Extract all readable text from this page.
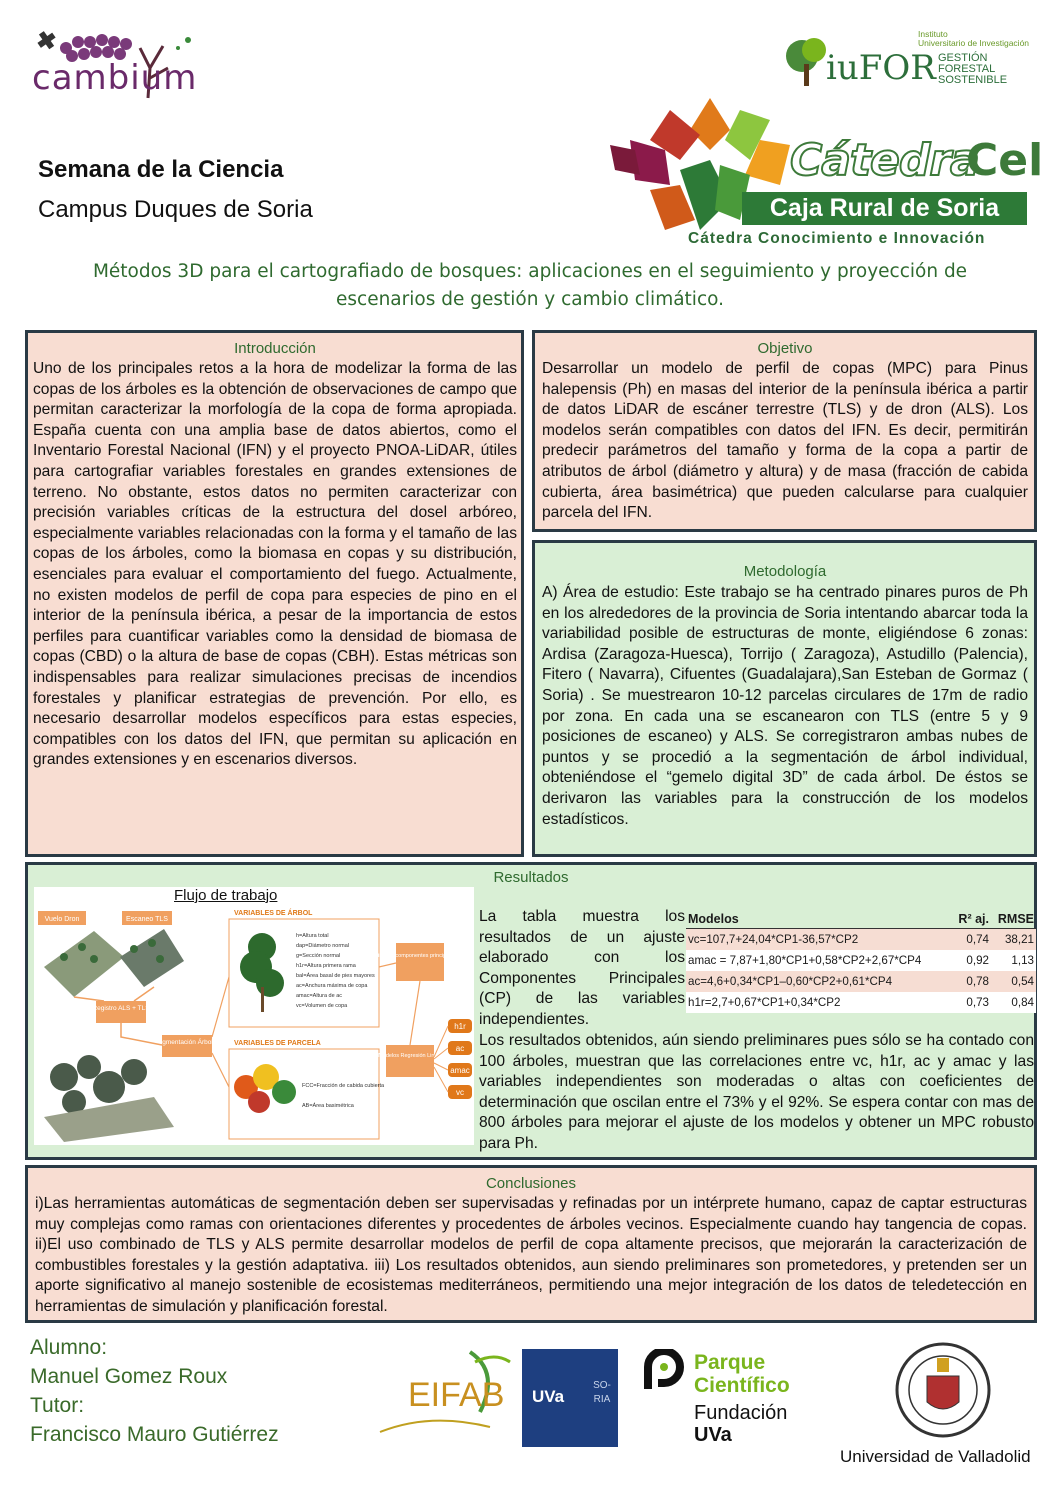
cambium	iuFOR
Instituto
Universitario de Investigación
GESTIÓN
FORESTAL
SOSTENIBLE
Semana de la Ciencia
Campus Duques de Soria
Cátedra
Cel
Caja Rural de Soria
Cátedra Conocimiento e Innovación
Métodos 3D para el cartografiado de bosques: aplicaciones en el seguimiento y proyección de escenarios de gestión y cambio climático.
Introducción
Uno de los principales retos a la hora de modelizar la forma de las copas de los árboles es la obtención de observaciones de campo que permitan caracterizar la morfología de la copa de forma apropiada. España cuenta con una amplia base de datos abiertos, como el Inventario Forestal Nacional (IFN) y el proyecto PNOA-LiDAR, útiles para cartografiar variables forestales en grandes extensiones de terreno. No obstante, estos datos no permiten caracterizar con precisión variables críticas de la estructura del dosel arbóreo, especialmente variables relacionadas con la forma y el tamaño de las copas de los árboles, como la biomasa en copas y su distribución, esenciales para evaluar el comportamiento del fuego. Actualmente, no existen modelos de perfil de copa para especies de pino en el interior de la península ibérica, a pesar de la importancia de estos perfiles para cuantificar variables como la densidad de biomasa de copas (CBD) o la altura de base de copas (CBH). Estas métricas son indispensables para realizar simulaciones precisas de incendios forestales y planificar estrategias de prevención. Por ello, es necesario desarrollar modelos específicos para estas especies, compatibles con los datos del IFN, que permitan su aplicación en grandes extensiones y en escenarios diversos.
Objetivo
Desarrollar un modelo de perfil de copas (MPC) para Pinus halepensis (Ph) en masas del interior de la península ibérica a partir de datos LiDAR de escáner terrestre (TLS) y de dron (ALS). Los modelos serán compatibles con datos del IFN. Es decir, permitirán predecir parámetros del tamaño y forma de la copa a partir de atributos de árbol (diámetro y altura) y de masa (fracción de cabida cubierta, área basimétrica) que pueden calcularse para cualquier parcela del IFN.
Metodología
A) Área de estudio: Este trabajo se ha centrado pinares puros de Ph en los alrededores de la provincia de Soria intentando abarcar toda la variabilidad posible de estructuras de monte, eligiéndose 6 zonas: Ardisa (Zaragoza-Huesca), Torrijo ( Zaragoza), Astudillo (Palencia), Fitero ( Navarra), Cifuentes (Guadalajara),San Esteban de Gormaz ( Soria) . Se muestrearon 10-12 parcelas circulares de 17m de radio por zona. En cada una se escanearon con TLS (entre 5 y 9 posiciones de escaneo) y ALS. Se corregistraron ambas nubes de puntos y se procedió a la segmentación de árbol individual, obteniéndose el “gemelo digital 3D” de cada árbol. De éstos se derivaron las variables para la construcción de los modelos estadísticos.
Resultados
Flujo de trabajo
Vuelo Dron	Escaneo TLS
Registro ALS + TLS
Segmentación Árboles
VARIABLES DE ÁRBOL
h=Altura total
dap=Diámetro normal
g=Sección normal
h1r=Altura primera rama
bal=Área basal de pies mayores
ac=Anchura máxima de copa
amac=Altura de ac
vc=Volumen de copa
VARIABLES DE PARCELA
FCC=Fracción de cabida cubierta
AB=Área basimétrica
Análisis de componentes principales (ACP)
Modelos Regresión Lineal
h1r
ac
amac
vc
La tabla muestra los resultados de un ajuste elaborado con los Componentes Principales (CP) de las variables independientes.
Modelos	R² aj.	RMSE
vc=107,7+24,04*CP1-36,57*CP2	0,74	38,21
amac = 7,87+1,80*CP1+0,58*CP2+2,67*CP4	0,92	1,13
ac=4,6+0,34*CP1–0,60*CP2+0,61*CP4	0,78	0,54
h1r=2,7+0,67*CP1+0,34*CP2	0,73	0,84
Los resultados obtenidos, aún siendo preliminares pues sólo se ha contado con 100 árboles, muestran que las correlaciones entre vc, h1r, ac y amac y las variables independientes son moderadas o altas con coeficientes de determinación que oscilan entre el 73% y el 92%. Se espera contar con mas de 800 árboles para mejorar el ajuste de los modelos y obtener un MPC robusto para Ph.
Conclusiones
i)Las herramientas automáticas de segmentación deben ser supervisadas y refinadas por un intérprete humano, capaz de captar estructuras muy complejas como ramas con orientaciones diferentes y procedentes de árboles vecinos. Especialmente cuando hay tangencia de copas. ii)El uso combinado de TLS y ALS permite desarrollar modelos de perfil de copa altamente precisos, que mejorarán la caracterización de combustibles forestales y la gestión adaptativa. iii) Los resultados obtenidos, aun siendo preliminares son prometedores, y pretenden ser un aporte significativo al manejo sostenible de ecosistemas mediterráneos, permitiendo una mejor integración de los datos de teledetección en herramientas de simulación y planificación forestal.
Alumno:
Manuel Gomez Roux
Tutor:
Francisco Mauro Gutiérrez
EIFAB UVa
SO- RIA
Parque
Científico
Fundación
UVa
Universidad de Valladolid
